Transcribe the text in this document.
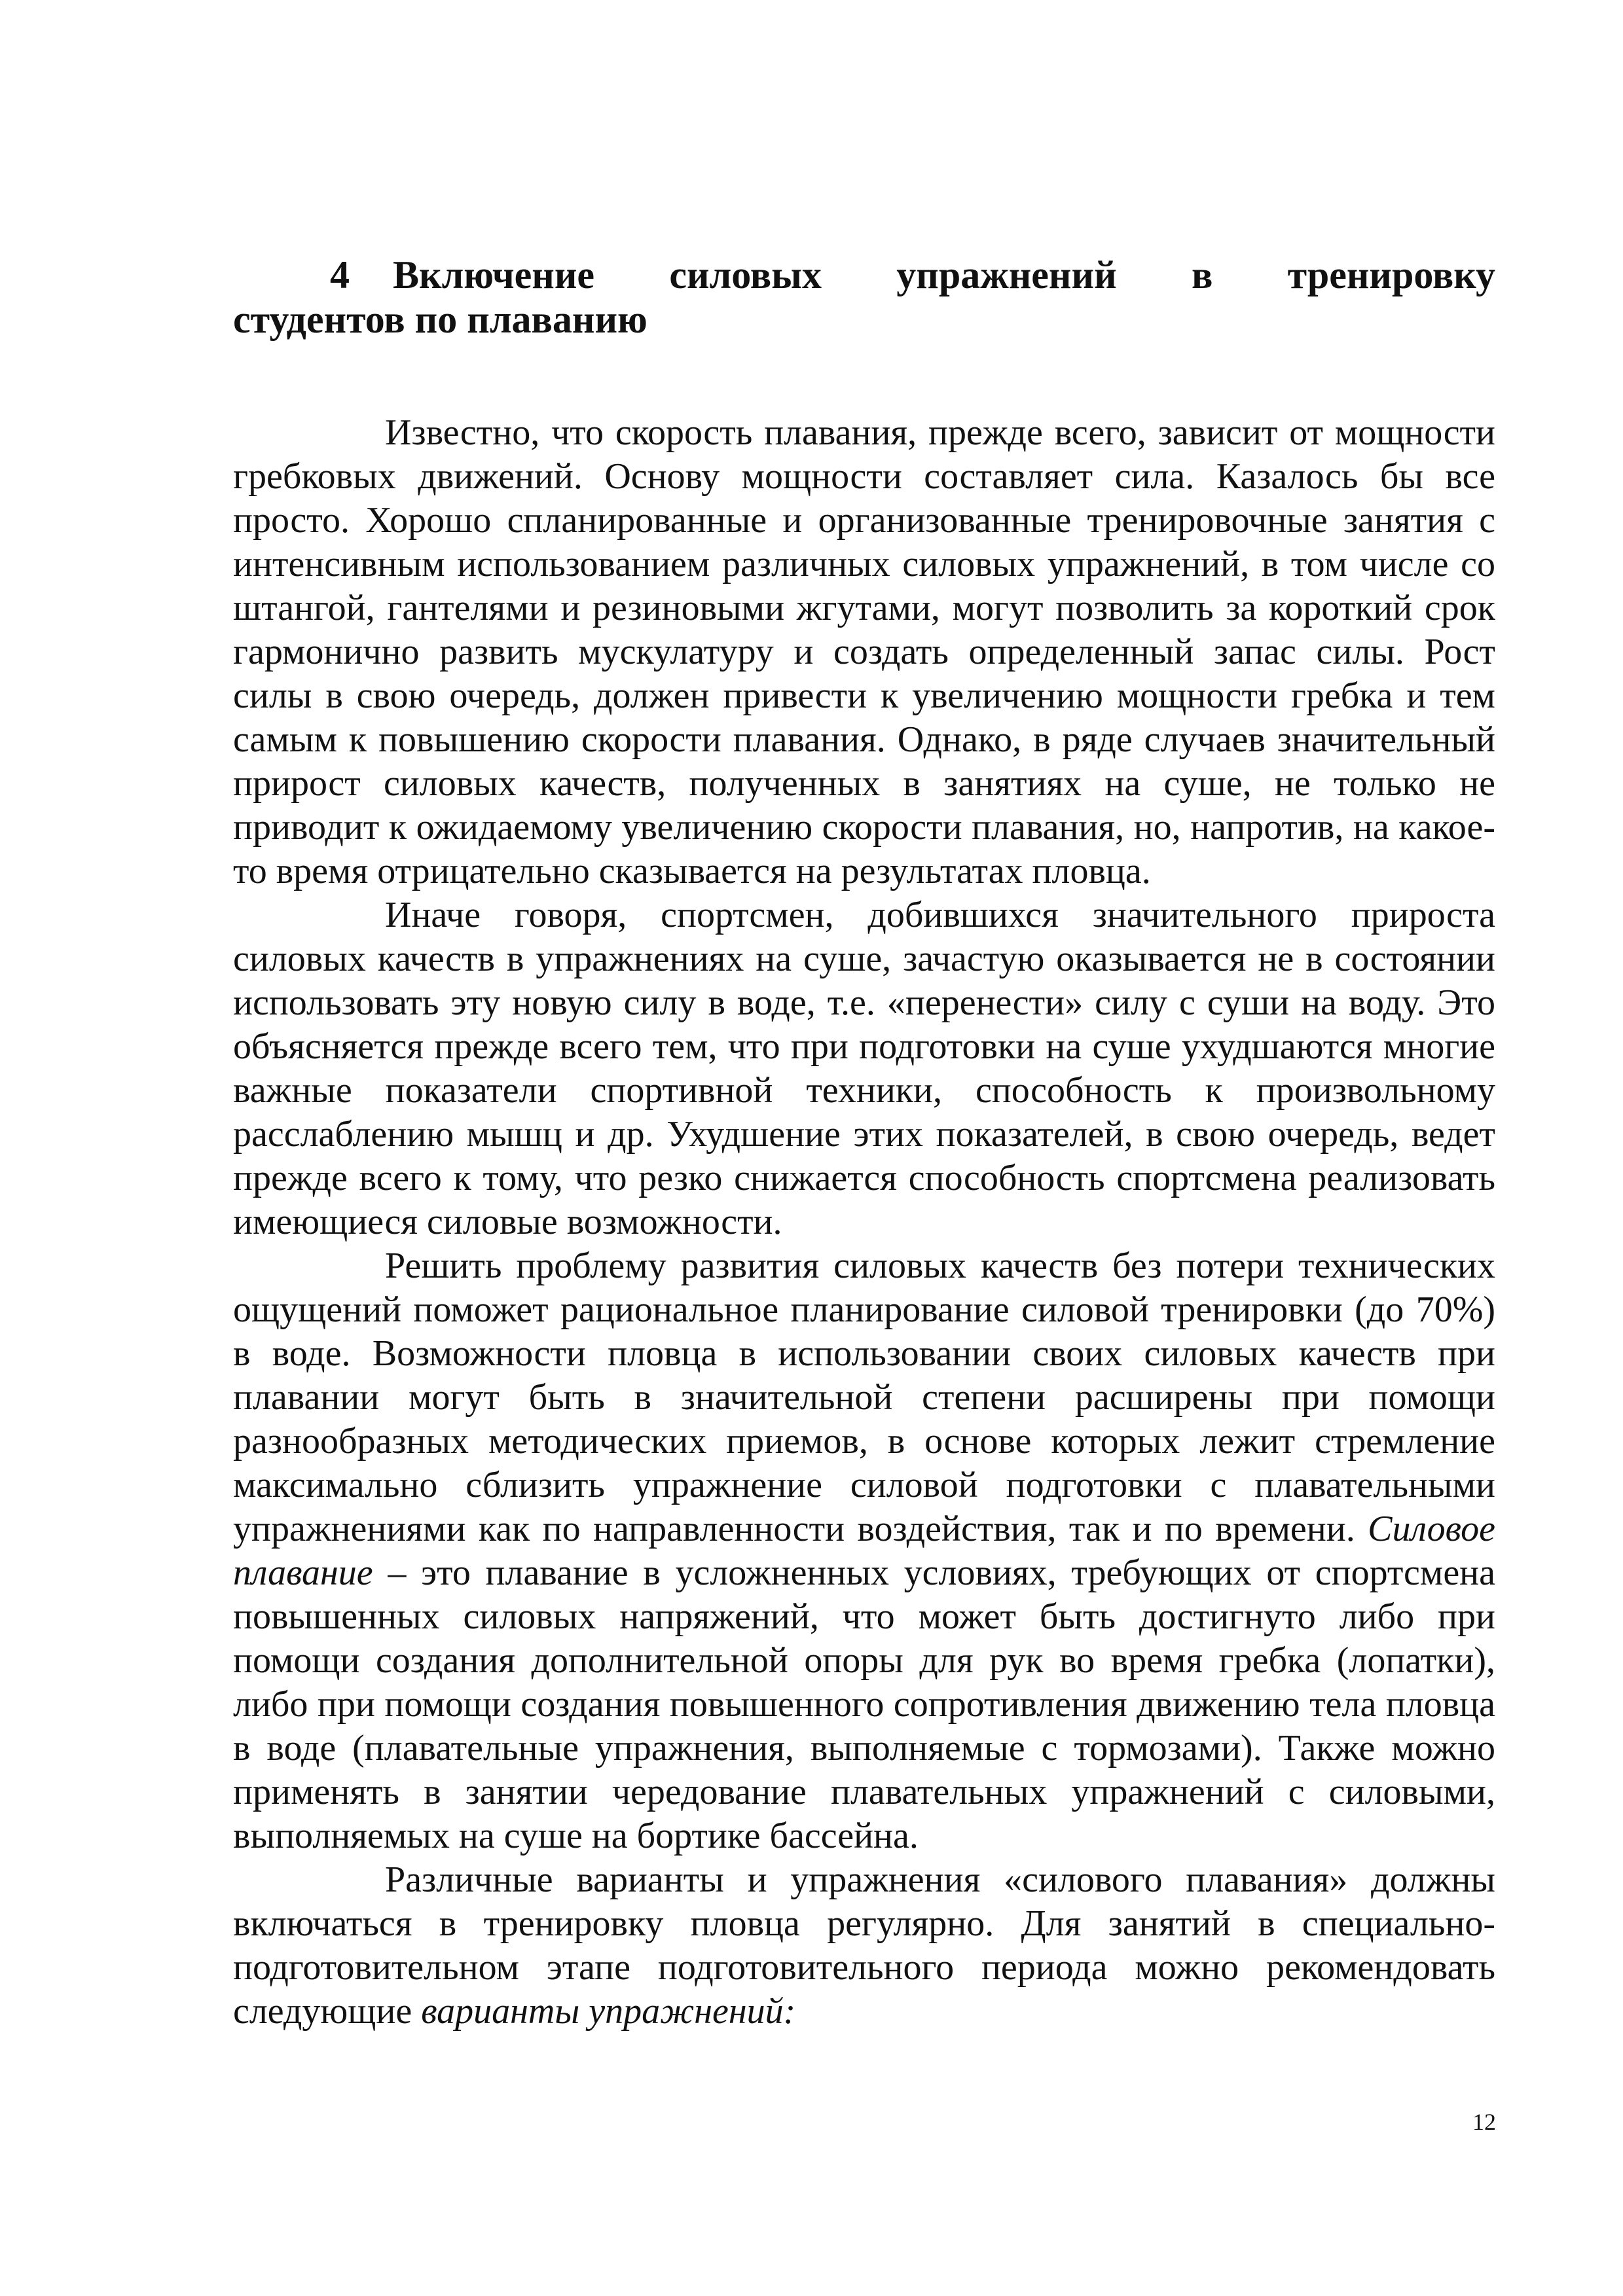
4 Включение силовых упражнений в тренировку
студентов по плаванию

Известно, что скорость плавания, прежде всего, зависит от мощности гребковых движений. Основу мощности составляет сила. Казалось бы все просто. Хорошо спланированные и организованные тренировочные занятия с интенсивным использованием различных силовых упражнений, в том числе со штангой, гантелями и резиновыми жгутами, могут позволить за короткий срок гармонично развить мускулатуру и создать определенный запас силы. Рост силы в свою очередь, должен привести к увеличению мощности гребка и тем самым к повышению скорости плавания. Однако, в ряде случаев значительный прирост силовых качеств, полученных в занятиях на суше, не только не приводит к ожидаемому увеличению скорости плавания, но, напротив, на какое-то время отрицательно сказывается на результатах пловца.

Иначе говоря, спортсмен, добившихся значительного прироста силовых качеств в упражнениях на суше, зачастую оказывается не в состоянии использовать эту новую силу в воде, т.е. «перенести» силу с суши на воду. Это объясняется прежде всего тем, что при подготовки на суше ухудшаются многие важные показатели спортивной техники, способность к произвольному расслаблению мышц и др. Ухудшение этих показателей, в свою очередь, ведет прежде всего к тому, что резко снижается способность спортсмена реализовать имеющиеся силовые возможности.

Решить проблему развития силовых качеств без потери технических ощущений поможет рациональное планирование силовой тренировки (до 70%) в воде. Возможности пловца в использовании своих силовых качеств при плавании могут быть в значительной степени расширены при помощи разнообразных методических приемов, в основе которых лежит стремление максимально сблизить упражнение силовой подготовки с плавательными упражнениями как по направленности воздействия, так и по времени. Силовое плавание – это плавание в усложненных условиях, требующих от спортсмена повышенных силовых напряжений, что может быть достигнуто либо при помощи создания дополнительной опоры для рук во время гребка (лопатки), либо при помощи создания повышенного сопротивления движению тела пловца в воде (плавательные упражнения, выполняемые с тормозами). Также можно применять в занятии чередование плавательных упражнений с силовыми, выполняемых на суше на бортике бассейна.

Различные варианты и упражнения «силового плавания» должны включаться в тренировку пловца регулярно. Для занятий в специально-подготовительном этапе подготовительного периода можно рекомендовать следующие варианты упражнений:

12
